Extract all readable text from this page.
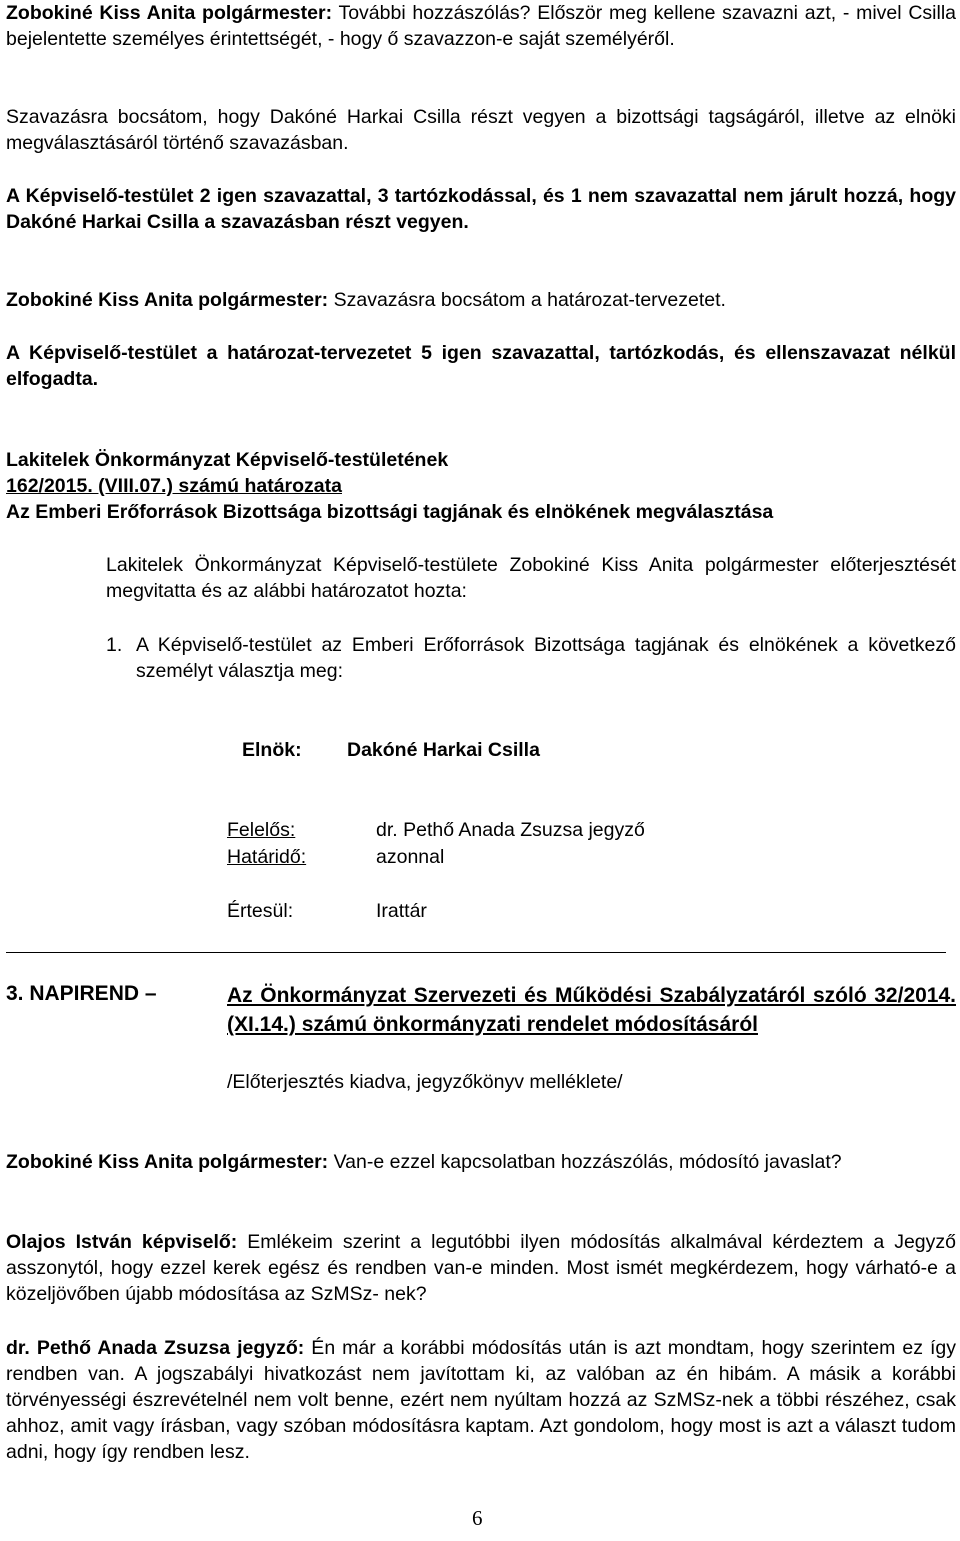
Zobokiné Kiss Anita polgármester: További hozzászólás? Először meg kellene szavazni azt, - mivel Csilla bejelentette személyes érintettségét, - hogy ő szavazzon-e saját személyéről.

Szavazásra bocsátom, hogy Dakóné Harkai Csilla részt vegyen a bizottsági tagságáról, illetve az elnöki megválasztásáról történő szavazásban.

A Képviselő-testület 2 igen szavazattal, 3 tartózkodással, és 1 nem szavazattal nem járult hozzá, hogy Dakóné Harkai Csilla a szavazásban részt vegyen.

Zobokiné Kiss Anita polgármester: Szavazásra bocsátom a határozat-tervezetet.

A Képviselő-testület a határozat-tervezetet 5 igen szavazattal, tartózkodás, és ellenszavazat nélkül elfogadta.

Lakitelek Önkormányzat Képviselő-testületének

162/2015. (VIII.07.) számú határozata

Az Emberi Erőforrások Bizottsága bizottsági tagjának és elnökének megválasztása

Lakitelek Önkormányzat Képviselő-testülete Zobokiné Kiss Anita polgármester előterjesztését megvitatta és az alábbi határozatot hozta:

1. A Képviselő-testület az Emberi Erőforrások Bizottsága tagjának és elnökének a következő személyt választja meg:

Elnök: Dakóné Harkai Csilla

Felelős:	dr. Pethő Anada Zsuzsa jegyző

Határidő:	azonnal

Értesül:	Irattár

3. NAPIREND –	Az Önkormányzat Szervezeti és Működési Szabályzatáról szóló 32/2014. (XI.14.) számú önkormányzati rendelet módosításáról

/Előterjesztés kiadva, jegyzőkönyv melléklete/

Zobokiné Kiss Anita polgármester: Van-e ezzel kapcsolatban hozzászólás, módosító javaslat?

Olajos István képviselő: Emlékeim szerint a legutóbbi ilyen módosítás alkalmával kérdeztem a Jegyző asszonytól, hogy ezzel kerek egész és rendben van-e minden. Most ismét megkérdezem, hogy várható-e a közeljövőben újabb módosítása az SzMSz- nek?

dr. Pethő Anada Zsuzsa jegyző: Én már a korábbi módosítás után is azt mondtam, hogy szerintem ez így rendben van. A jogszabályi hivatkozást nem javítottam ki, az valóban az én hibám. A másik a korábbi törvényességi észrevételnél nem volt benne, ezért nem nyúltam hozzá az SzMSz-nek a többi részéhez, csak ahhoz, amit vagy írásban, vagy szóban módosításra kaptam. Azt gondolom, hogy most is azt a választ tudom adni, hogy így rendben lesz.

6
